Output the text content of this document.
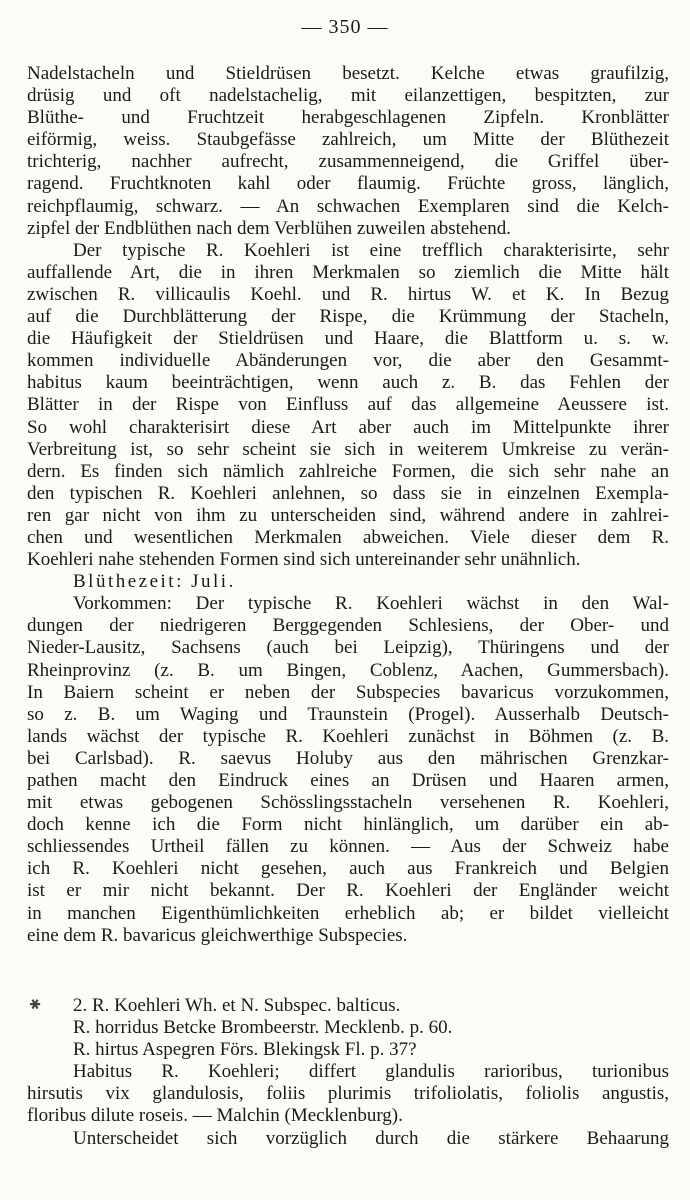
— 350 —
Nadelstacheln und Stieldrüsen besetzt. Kelche etwas graufilzig,
drüsig und oft nadelstachelig, mit eilanzettigen, bespitzten, zur
Blüthe- und Fruchtzeit herabgeschlagenen Zipfeln. Kronblätter
eiförmig, weiss. Staubgefässe zahlreich, um Mitte der Blüthezeit
trichterig, nachher aufrecht, zusammenneigend, die Griffel über-
ragend. Fruchtknoten kahl oder flaumig. Früchte gross, länglich,
reichpflaumig, schwarz. — An schwachen Exemplaren sind die Kelch-
zipfel der Endblüthen nach dem Verblühen zuweilen abstehend.
Der typische R. Koehleri ist eine trefflich charakterisirte, sehr
auffallende Art, die in ihren Merkmalen so ziemlich die Mitte hält
zwischen R. villicaulis Koehl. und R. hirtus W. et K. In Bezug
auf die Durchblätterung der Rispe, die Krümmung der Stacheln,
die Häufigkeit der Stieldrüsen und Haare, die Blattform u. s. w.
kommen individuelle Abänderungen vor, die aber den Gesammt-
habitus kaum beeinträchtigen, wenn auch z. B. das Fehlen der
Blätter in der Rispe von Einfluss auf das allgemeine Aeussere ist.
So wohl charakterisirt diese Art aber auch im Mittelpunkte ihrer
Verbreitung ist, so sehr scheint sie sich in weiterem Umkreise zu verän-
dern. Es finden sich nämlich zahlreiche Formen, die sich sehr nahe an
den typischen R. Koehleri anlehnen, so dass sie in einzelnen Exempla-
ren gar nicht von ihm zu unterscheiden sind, während andere in zahlrei-
chen und wesentlichen Merkmalen abweichen. Viele dieser dem R.
Koehleri nahe stehenden Formen sind sich untereinander sehr unähnlich.
Blüthezeit: Juli.
Vorkommen: Der typische R. Koehleri wächst in den Wal-
dungen der niedrigeren Berggegenden Schlesiens, der Ober- und
Nieder-Lausitz, Sachsens (auch bei Leipzig), Thüringens und der
Rheinprovinz (z. B. um Bingen, Coblenz, Aachen, Gummersbach).
In Baiern scheint er neben der Subspecies bavaricus vorzukommen,
so z. B. um Waging und Traunstein (Progel). Ausserhalb Deutsch-
lands wächst der typische R. Koehleri zunächst in Böhmen (z. B.
bei Carlsbad). R. saevus Holuby aus den mährischen Grenzkar-
pathen macht den Eindruck eines an Drüsen und Haaren armen,
mit etwas gebogenen Schösslingsstacheln versehenen R. Koehleri,
doch kenne ich die Form nicht hinlänglich, um darüber ein ab-
schliessendes Urtheil fällen zu können. — Aus der Schweiz habe
ich R. Koehleri nicht gesehen, auch aus Frankreich und Belgien
ist er mir nicht bekannt. Der R. Koehleri der Engländer weicht
in manchen Eigenthümlichkeiten erheblich ab; er bildet vielleicht
eine dem R. bavaricus gleichwerthige Subspecies.
✱	2. R. Koehleri Wh. et N. Subspec. balticus.
R. horridus Betcke Brombeerstr. Mecklenb. p. 60.
R. hirtus Aspegren Förs. Blekingsk Fl. p. 37?
Habitus R. Koehleri; differt glandulis rarioribus, turionibus
hirsutis vix glandulosis, foliis plurimis trifoliolatis, foliolis angustis,
floribus dilute roseis. — Malchin (Mecklenburg).
Unterscheidet sich vorzüglich durch die stärkere Behaarung
